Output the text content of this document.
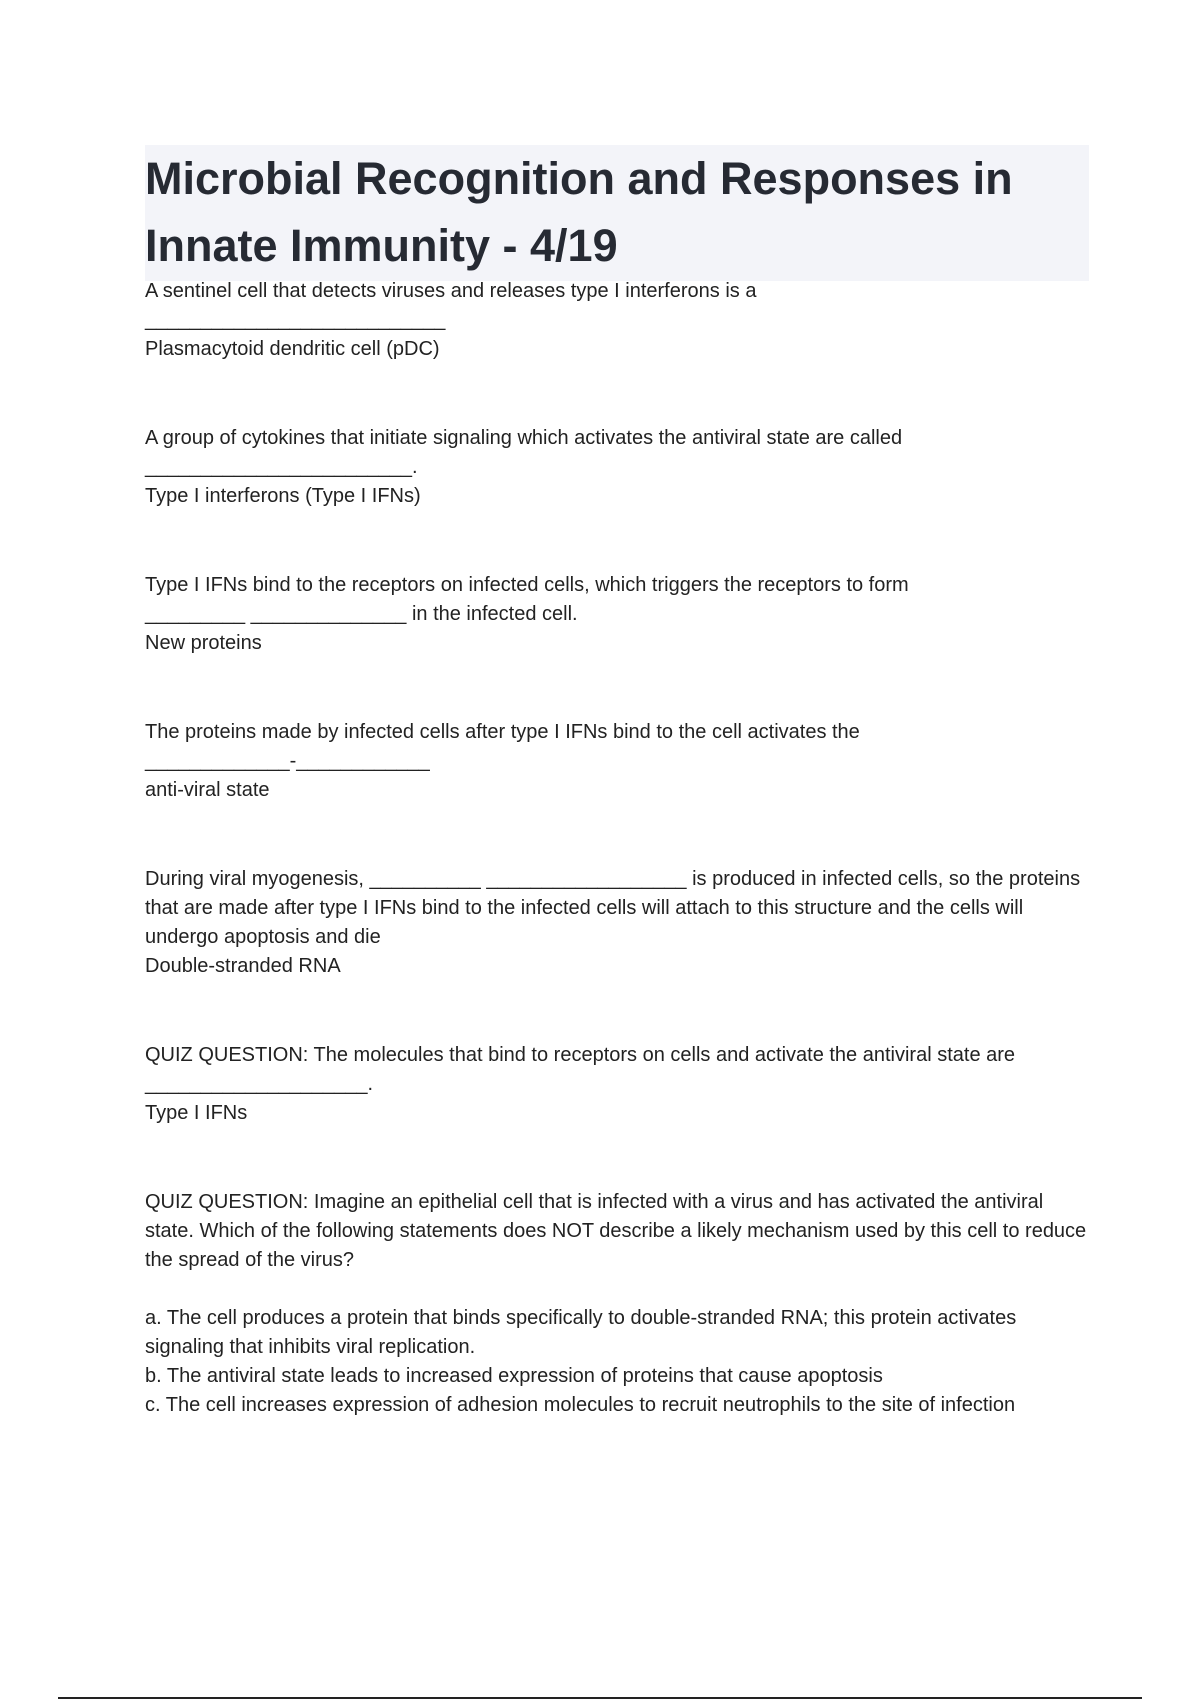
Microbial Recognition and Responses in Innate Immunity - 4/19

A sentinel cell that detects viruses and releases type I interferons is a
___________________________

Plasmacytoid dendritic cell (pDC)

A group of cytokines that initiate signaling which activates the antiviral state are called
________________________.

Type I interferons (Type I IFNs)

Type I IFNs bind to the receptors on infected cells, which triggers the receptors to form
_________ ______________ in the infected cell.

New proteins

The proteins made by infected cells after type I IFNs bind to the cell activates the
_____________-____________

anti-viral state

During viral myogenesis, __________ __________________ is produced in infected cells, so the proteins that are made after type I IFNs bind to the infected cells will attach to this structure and the cells will undergo apoptosis and die

Double-stranded RNA

QUIZ QUESTION: The molecules that bind to receptors on cells and activate the antiviral state are ____________________.

Type I IFNs

QUIZ QUESTION: Imagine an epithelial cell that is infected with a virus and has activated the antiviral state. Which of the following statements does NOT describe a likely mechanism used by this cell to reduce the spread of the virus?

a. The cell produces a protein that binds specifically to double-stranded RNA; this protein activates signaling that inhibits viral replication.

b. The antiviral state leads to increased expression of proteins that cause apoptosis

c. The cell increases expression of adhesion molecules to recruit neutrophils to the site of infection
